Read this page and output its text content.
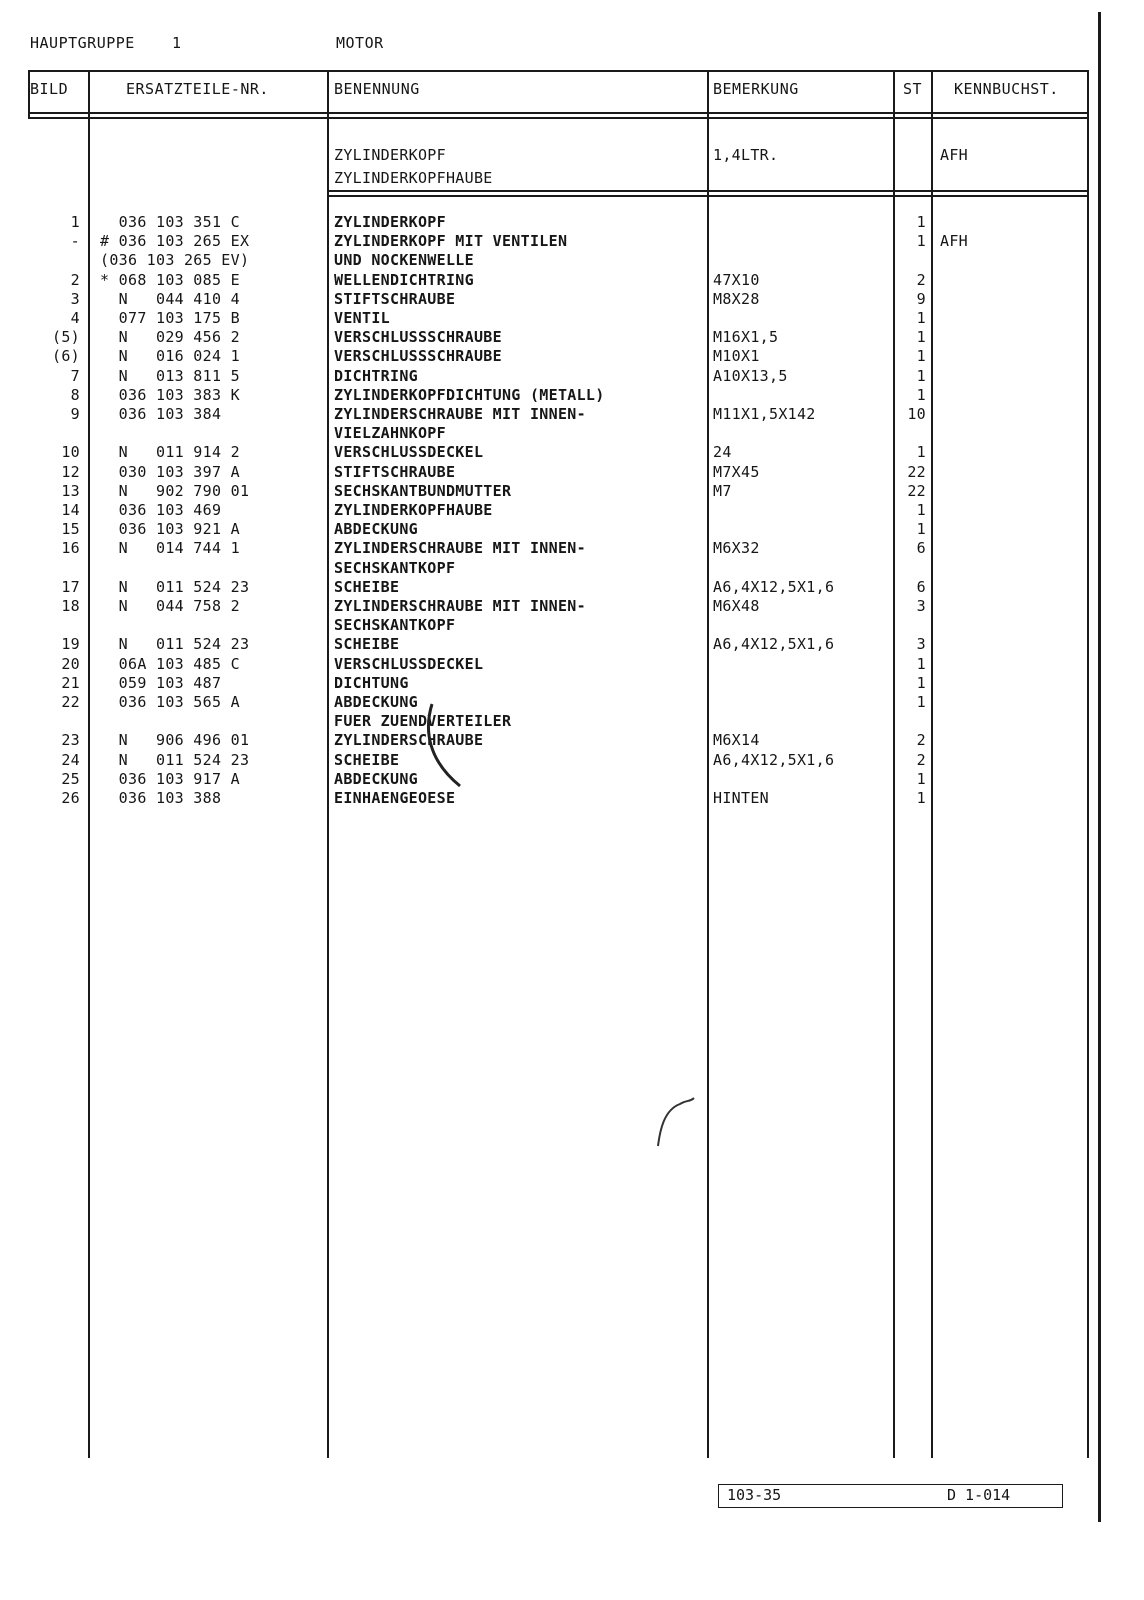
HAUPTGRUPPE 1	MOTOR
BILD	ERSATZTEILE-NR.	BENENNUNG	BEMERKUNG	ST KENNBUCHST.
ZYLINDERKOPF	1,4LTR.	AFH
ZYLINDERKOPFHAUBE
1 036 103 351 C	ZYLINDERKOPF	1
- # 036 103 265 EX	ZYLINDERKOPF MIT VENTILEN	1 AFH
(036 103 265 EV)	UND NOCKENWELLE
2 * 068 103 085 E	WELLENDICHTRING	47X10	2
3 N   044 410 4	STIFTSCHRAUBE	M8X28	9
4 077 103 175 B	VENTIL	1
(5) N   029 456 2	VERSCHLUSSSCHRAUBE	M16X1,5	1
(6) N   016 024 1	VERSCHLUSSSCHRAUBE	M10X1	1
7 N   013 811 5	DICHTRING	A10X13,5	1
8 036 103 383 K	ZYLINDERKOPFDICHTUNG (METALL)	1
9 036 103 384	ZYLINDERSCHRAUBE MIT INNEN-	M11X1,5X142	10
VIELZAHNKOPF
10 N   011 914 2	VERSCHLUSSDECKEL	24	1
12 030 103 397 A	STIFTSCHRAUBE	M7X45	22
13 N   902 790 01	SECHSKANTBUNDMUTTER	M7	22
14 036 103 469	ZYLINDERKOPFHAUBE	1
15 036 103 921 A	ABDECKUNG	1
16 N   014 744 1	ZYLINDERSCHRAUBE MIT INNEN-	M6X32	6
SECHSKANTKOPF
17 N   011 524 23	SCHEIBE	A6,4X12,5X1,6	6
18 N   044 758 2	ZYLINDERSCHRAUBE MIT INNEN-	M6X48	3
SECHSKANTKOPF
19 N   011 524 23	SCHEIBE	A6,4X12,5X1,6	3
20 06A 103 485 C	VERSCHLUSSDECKEL	1
21 059 103 487	DICHTUNG	1
22 036 103 565 A	ABDECKUNG	1
FUER ZUENDVERTEILER
23 N   906 496 01	ZYLINDERSCHRAUBE	M6X14	2
24 N   011 524 23	SCHEIBE	A6,4X12,5X1,6	2
25 036 103 917 A	ABDECKUNG	1
26 036 103 388	EINHAENGEOESE	HINTEN	1
103-35	D 1-014
